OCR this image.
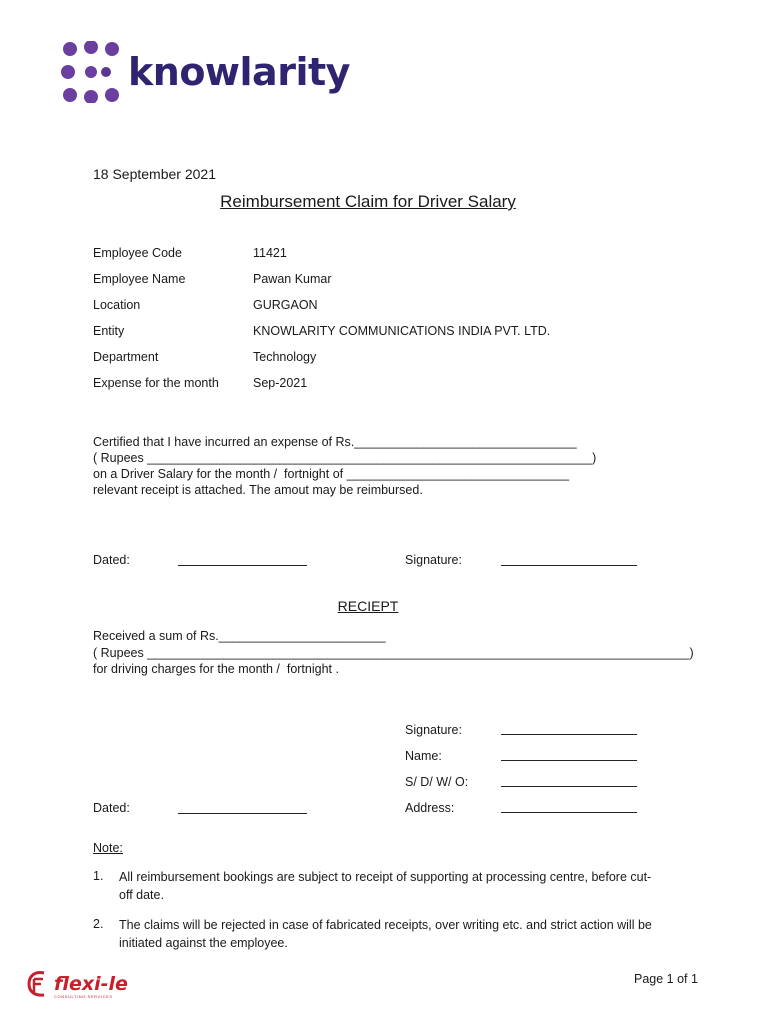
knowlarity
18 September 2021
Reimbursement Claim for Driver Salary
Employee Code	11421
Employee Name	Pawan Kumar
Location	GURGAON
Entity	KNOWLARITY COMMUNICATIONS INDIA PVT. LTD.
Department	Technology
Expense for the month	Sep-2021
Certified that I have incurred an expense of Rs.________________________________
( Rupees ________________________________________________________________)
on a Driver Salary for the month /  fortnight of ________________________________
relevant receipt is attached. The amout may be reimbursed.
Dated:	Signature:
RECIEPT
Received a sum of Rs.________________________
( Rupees ______________________________________________________________________________)
for driving charges for the month /  fortnight .
Signature:
Name:
S/ D/ W/ O:
Dated:	Address:
Note:
1. All reimbursement bookings are subject to receipt of supporting at processing centre, before cut-off date.
2. The claims will be rejected in case of fabricated receipts, over writing etc. and strict action will be initiated against the employee.
flexi-le
CONSULTING SERVICES
Page 1 of 1
